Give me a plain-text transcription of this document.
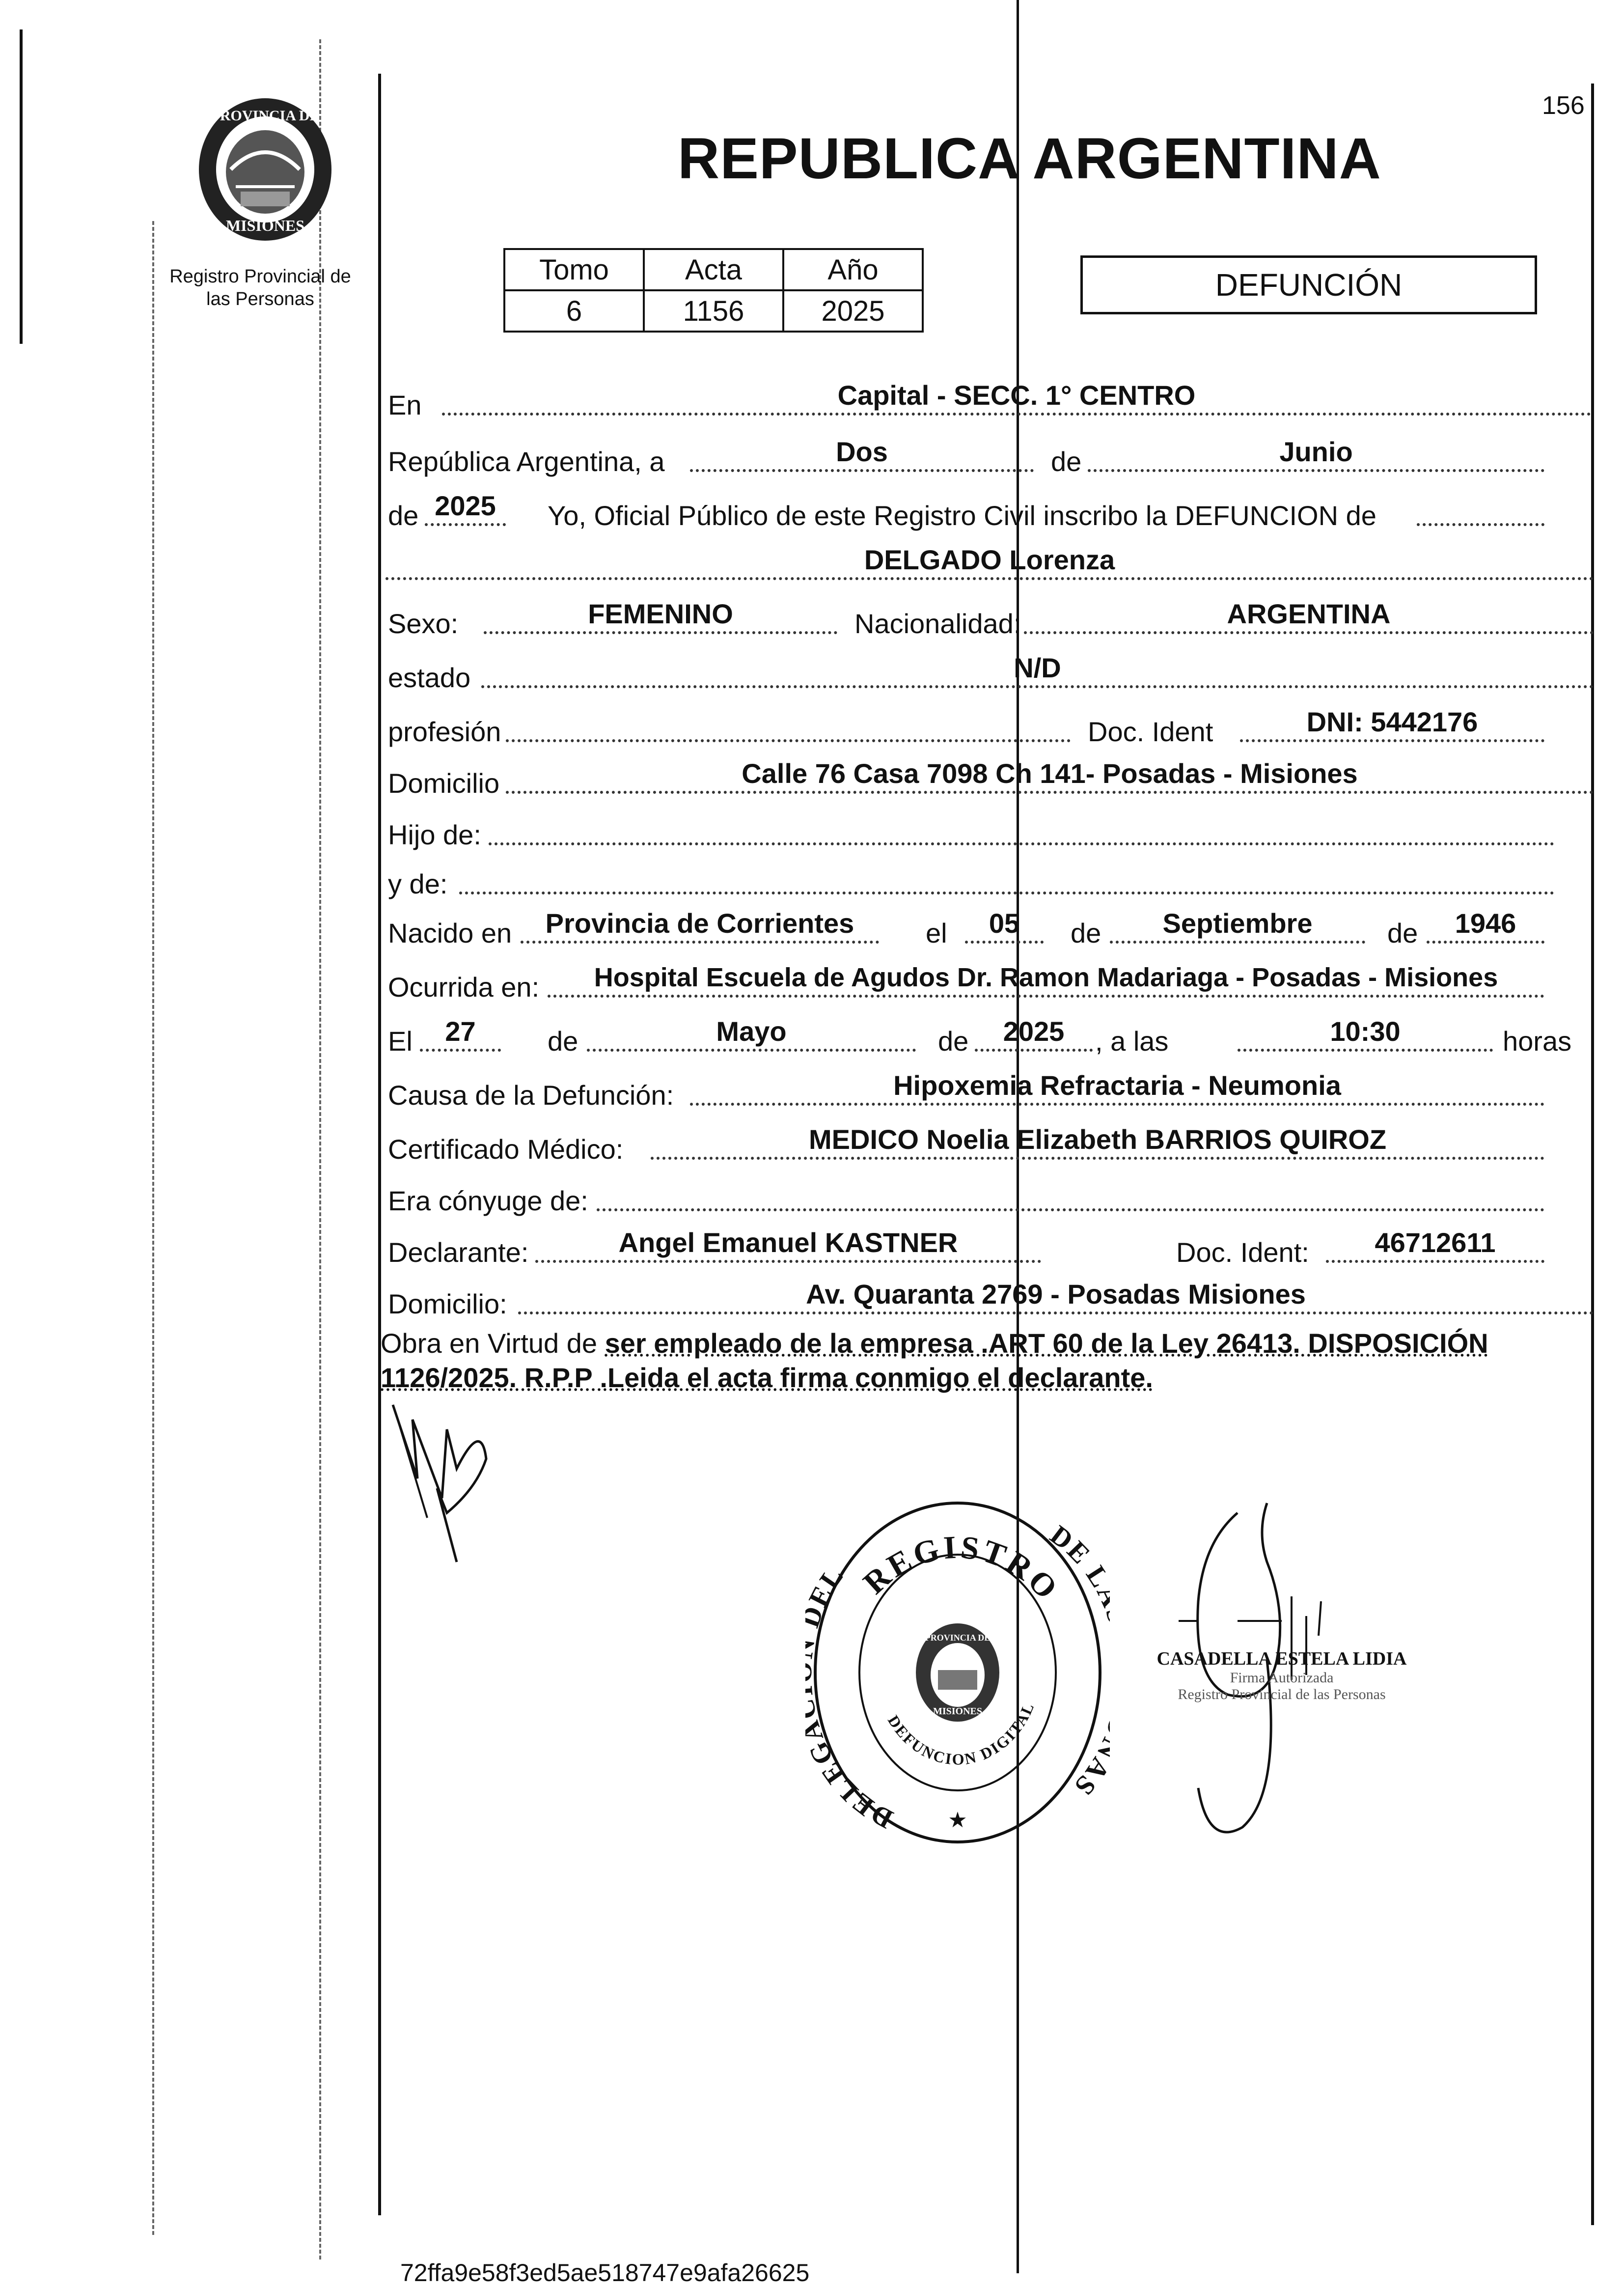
156
PROVINCIA DE
MISIONES
Registro Provincial de
las Personas
REPUBLICA ARGENTINA
Tomo	Acta	Año
6	1156	2025
DEFUNCIÓN
En	Capital - SECC. 1° CENTRO
República Argentina, a	Dos	de	Junio
de 2025	Yo, Oficial Público de este Registro Civil inscribo la DEFUNCION de
DELGADO Lorenza
Sexo:	FEMENINO	Nacionalidad:	ARGENTINA
estado	N/D
profesión	Doc. Ident	DNI: 5442176
Domicilio	Calle 76 Casa 7098 Ch 141- Posadas - Misiones
Hijo de:
y de:
Nacido en	Provincia de Corrientes	el	05	de	Septiembre	de	1946
Ocurrida en:	Hospital Escuela de Agudos Dr. Ramon Madariaga - Posadas - Misiones
El	27	de	Mayo	de	2025	, a las	10:30	horas
Causa de la Defunción:	Hipoxemia Refractaria - Neumonia
Certificado Médico:	MEDICO Noelia Elizabeth BARRIOS QUIROZ
Era cónyuge de:
Declarante:	Angel Emanuel KASTNER	Doc. Ident:	46712611
Domicilio:	Av. Quaranta 2769 - Posadas Misiones
Obra en Virtud de ser empleado de la empresa .ART 60 de la Ley 26413. DISPOSICIÓN 1126/2025. R.P.P .Leida el acta firma conmigo el declarante.
REGISTRO
DELEG EL
DE S
DEFUNCION DIGITAL
PROVINCIA DE
MISIONES
★
CASADELLA ESTELA LIDIA
Firma Autorizada
Registro Provincial de las Personas
72ffa9e58f3ed5ae518747e9afa26625
